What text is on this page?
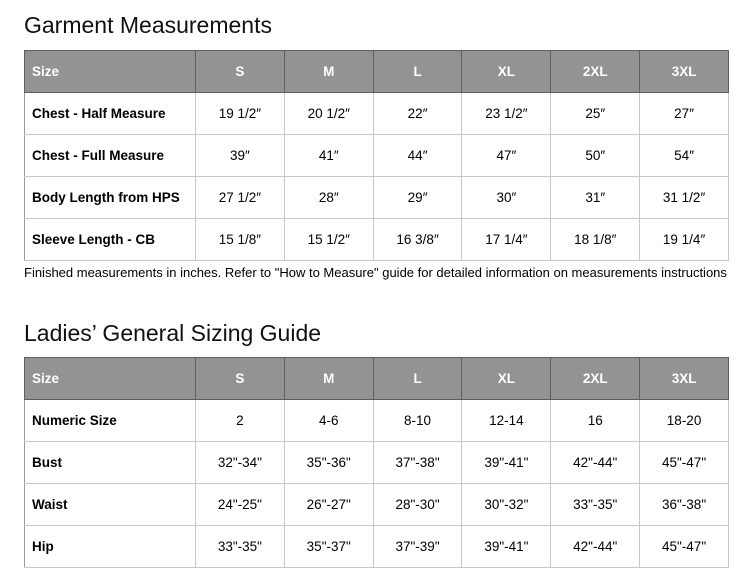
Garment Measurements
Size	S	M	L	XL	2XL	3XL
Chest - Half Measure	19 1/2″	20 1/2″	22″	23 1/2″	25″	27″
Chest - Full Measure	39″	41″	44″	47″	50″	54″
Body Length from HPS	27 1/2″	28″	29″	30″	31″	31 1/2″
Sleeve Length - CB	15 1/8″	15 1/2″	16 3/8″	17 1/4″	18 1/8″	19 1/4″
Finished measurements in inches. Refer to "How to Measure" guide for detailed information on measurements instructions
Ladies’ General Sizing Guide
Size	S	M	L	XL	2XL	3XL
Numeric Size	2	4-6	8-10	12-14	16	18-20
Bust	32"-34"	35"-36"	37"-38"	39"-41"	42"-44"	45"-47"
Waist	24"-25"	26"-27"	28"-30"	30"-32"	33"-35"	36"-38"
Hip	33"-35"	35"-37"	37"-39"	39"-41"	42"-44"	45"-47"
